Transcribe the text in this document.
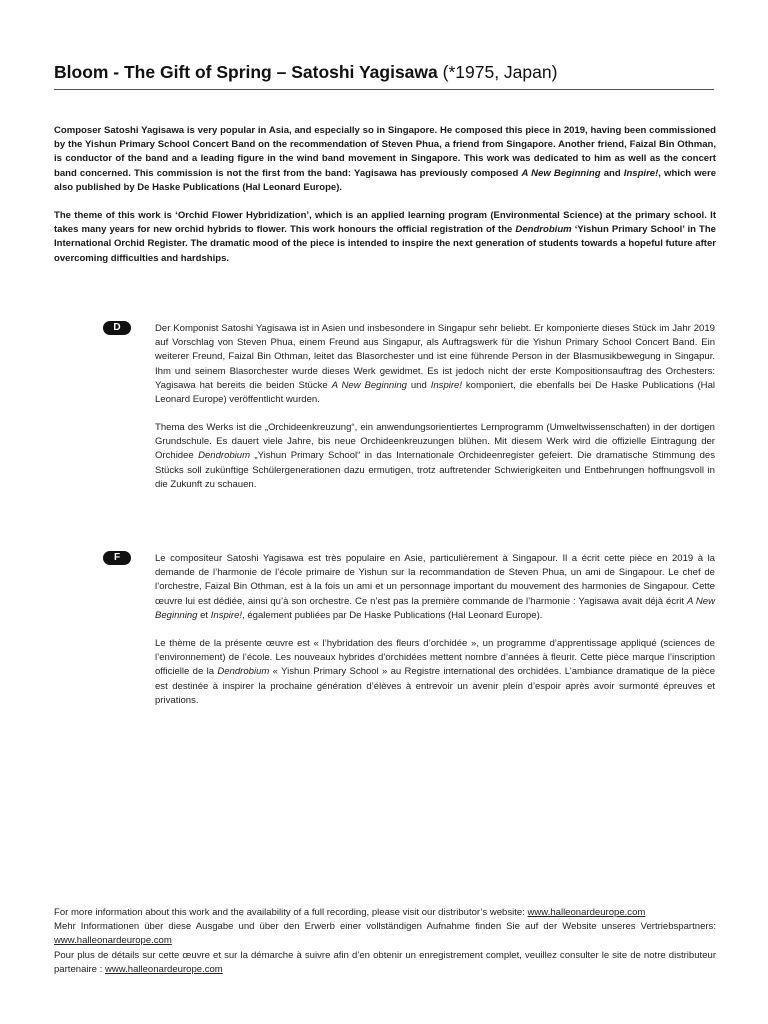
Bloom - The Gift of Spring – Satoshi Yagisawa (*1975, Japan)

Composer Satoshi Yagisawa is very popular in Asia, and especially so in Singapore. He composed this piece in 2019, having been commissioned by the Yishun Primary School Concert Band on the recommendation of Steven Phua, a friend from Singapore. Another friend, Faizal Bin Othman, is conductor of the band and a leading figure in the wind band movement in Singapore. This work was dedicated to him as well as the concert band concerned. This commission is not the first from the band: Yagisawa has previously composed A New Beginning and Inspire!, which were also published by De Haske Publications (Hal Leonard Europe).

The theme of this work is ‘Orchid Flower Hybridization’, which is an applied learning program (Environmental Science) at the primary school. It takes many years for new orchid hybrids to flower. This work honours the official registration of the Dendrobium ‘Yishun Primary School’ in The International Orchid Register. The dramatic mood of the piece is intended to inspire the next generation of students towards a hopeful future after overcoming difficulties and hardships.

D	Der Komponist Satoshi Yagisawa ist in Asien und insbesondere in Singapur sehr beliebt. Er komponierte dieses Stück im Jahr 2019 auf Vorschlag von Steven Phua, einem Freund aus Singapur, als Auftragswerk für die Yishun Primary School Concert Band. Ein weiterer Freund, Faizal Bin Othman, leitet das Blasorchester und ist eine führende Person in der Blasmusikbewegung in Singapur. Ihm und seinem Blasorchester wurde dieses Werk gewidmet. Es ist jedoch nicht der erste Kompositionsauftrag des Orchesters: Yagisawa hat bereits die beiden Stücke A New Beginning und Inspire! komponiert, die ebenfalls bei De Haske Publications (Hal Leonard Europe) veröffentlicht wurden.

Thema des Werks ist die „Orchideenkreuzung“, ein anwendungsorientiertes Lernprogramm (Umweltwissenschaften) in der dortigen Grundschule. Es dauert viele Jahre, bis neue Orchideenkreuzungen blühen. Mit diesem Werk wird die offizielle Eintragung der Orchidee Dendrobium „Yishun Primary School“ in das Internationale Orchideenregister gefeiert. Die dramatische Stimmung des Stücks soll zukünftige Schülergenerationen dazu ermutigen, trotz auftretender Schwierigkeiten und Entbehrungen hoffnungsvoll in die Zukunft zu schauen.

F	Le compositeur Satoshi Yagisawa est très populaire en Asie, particulièrement à Singapour. Il a écrit cette pièce en 2019 à la demande de l’harmonie de l’école primaire de Yishun sur la recommandation de Steven Phua, un ami de Singapour. Le chef de l’orchestre, Faizal Bin Othman, est à la fois un ami et un personnage important du mouvement des harmonies de Singapour. Cette œuvre lui est dédiée, ainsi qu’à son orchestre. Ce n’est pas la première commande de l’harmonie : Yagisawa avait déjà écrit A New Beginning et Inspire!, également publiées par De Haske Publications (Hal Leonard Europe).

Le thème de la présente œuvre est « l’hybridation des fleurs d’orchidée », un programme d’apprentissage appliqué (sciences de l’environnement) de l’école. Les nouveaux hybrides d’orchidées mettent nombre d’années à fleurir. Cette pièce marque l’inscription officielle de la Dendrobium « Yishun Primary School » au Registre international des orchidées. L’ambiance dramatique de la pièce est destinée à inspirer la prochaine génération d’élèves à entrevoir un avenir plein d’espoir après avoir surmonté épreuves et privations.

For more information about this work and the availability of a full recording, please visit our distributor’s website: www.halleonardeurope.com

Mehr Informationen über diese Ausgabe und über den Erwerb einer vollständigen Aufnahme finden Sie auf der Website unseres Vertriebspartners: www.halleonardeurope.com

Pour plus de détails sur cette œuvre et sur la démarche à suivre afin d’en obtenir un enregistrement complet, veuillez consulter le site de notre distributeur partenaire : www.halleonardeurope.com
